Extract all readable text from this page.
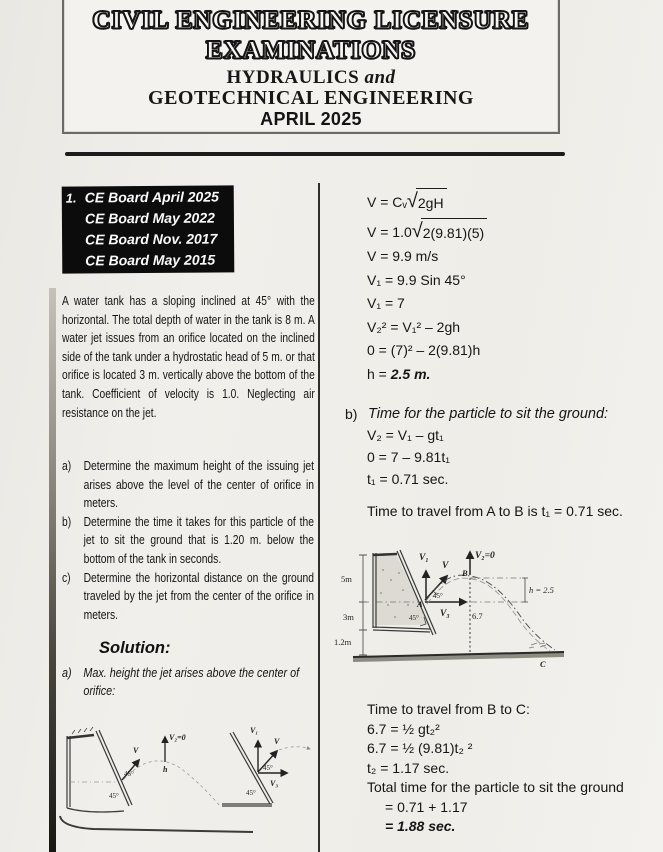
CIVIL ENGINEERING LICENSURE
EXAMINATIONS
HYDRAULICS and
GEOTECHNICAL ENGINEERING
APRIL 2025
1. CE Board April 2025
CE Board May 2022
CE Board Nov. 2017
CE Board May 2015
A water tank has a sloping inclined at 45° with the horizontal. The total depth of water in the tank is 8 m. A water jet issues from an orifice located on the inclined side of the tank under a hydrostatic head of 5 m. or that orifice is located 3 m. vertically above the bottom of the tank. Coefficient of velocity is 1.0. Neglecting air resistance on the jet.
a) Determine the maximum height of the issuing jet arises above the level of the center of orifice in meters.
b) Determine the time it takes for this particle of the jet to sit the ground that is 1.20 m. below the bottom of the tank in seconds.
c)	Determine the horizontal distance on the ground traveled by the jet from the center of the orifice in meters.
Solution:
a) Max. height the jet arises above the center of orifice:
V
45°
45°
V₂=0
h
V₁
V
V₃
45°
45°
V = Cᵥ √ 2gH
V = 1.0 √ 2(9.81)(5)
V = 9.9 m/s
V₁ = 9.9 Sin 45°
V₁ = 7
V₂² = V₁² – 2gh
0 = (7)² – 2(9.81)h
h = 2.5 m.
b) Time for the particle to sit the ground:
V₂ = V₁ – gt₁
0 = 7 – 9.81t₁
t₁ = 0.71 sec.
Time to travel from A to B is t₁ = 0.71 sec.
5m
3m
1.2m
V₁
V
V₃
V₂=0
A
B
C
45°
45°	6.7
h = 2.5
Time to travel from B to C:
6.7 = ½ gt₂²
6.7 = ½ (9.81)t₂ ²
t₂ = 1.17 sec.
Total time for the particle to sit the ground
= 0.71 + 1.17
= 1.88 sec.
